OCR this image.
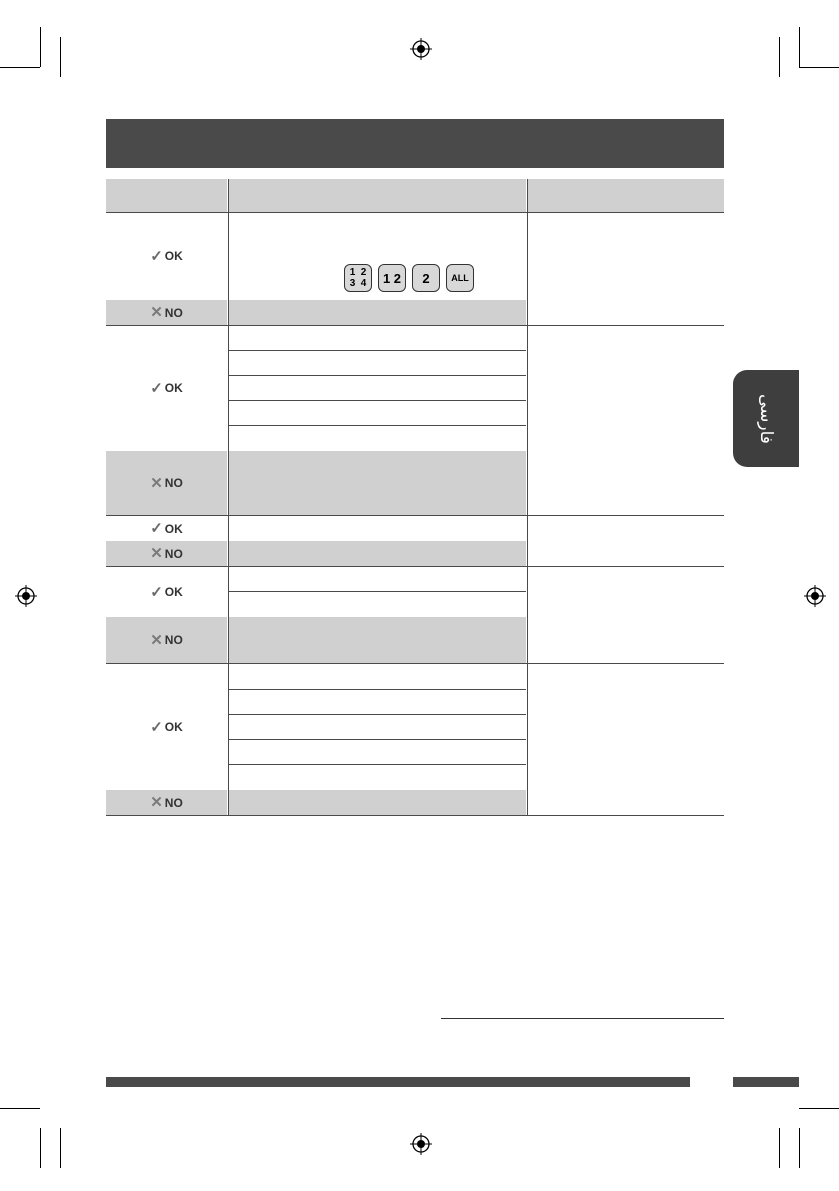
✓ OK
1 2
3 4 1 2 2 ALL
✕ NO
✓ OK
✕ NO
✓ OK
✕ NO
✓ OK
✕ NO
✓ OK
✕ NO
فارسی
